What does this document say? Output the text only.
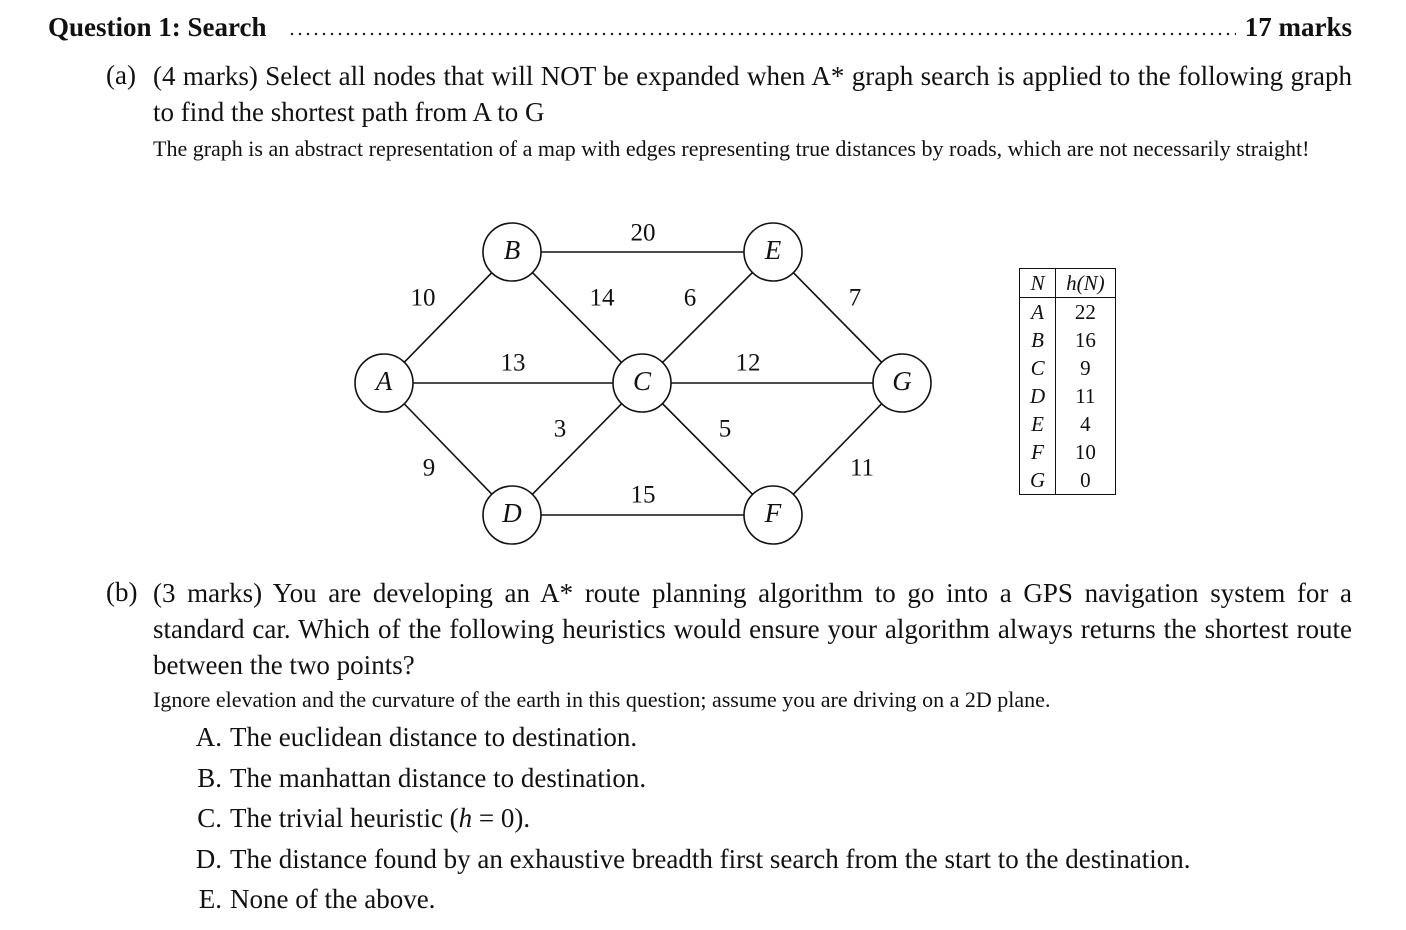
Question 1: Search	17 marks
(a) (4 marks) Select all nodes that will NOT be expanded when A* graph search is applied to the following graph to find the shortest path from A to G
The graph is an abstract representation of a map with edges representing true distances by roads, which are not necessarily straight!
10
13
9
20
14	6
12
3	5
15
7
11
A
B
C
D
E
F
G
N	h(N)
A	22
B	16
C	9
D	11
E	4
F	10
G	0
(b) (3 marks) You are developing an A* route planning algorithm to go into a GPS navigation system for a standard car. Which of the following heuristics would ensure your algorithm always returns the shortest route between the two points?
Ignore elevation and the curvature of the earth in this question; assume you are driving on a 2D plane.
A. The euclidean distance to destination.
B. The manhattan distance to destination.
C. The trivial heuristic (h = 0).
D. The distance found by an exhaustive breadth first search from the start to the destination.
E. None of the above.
